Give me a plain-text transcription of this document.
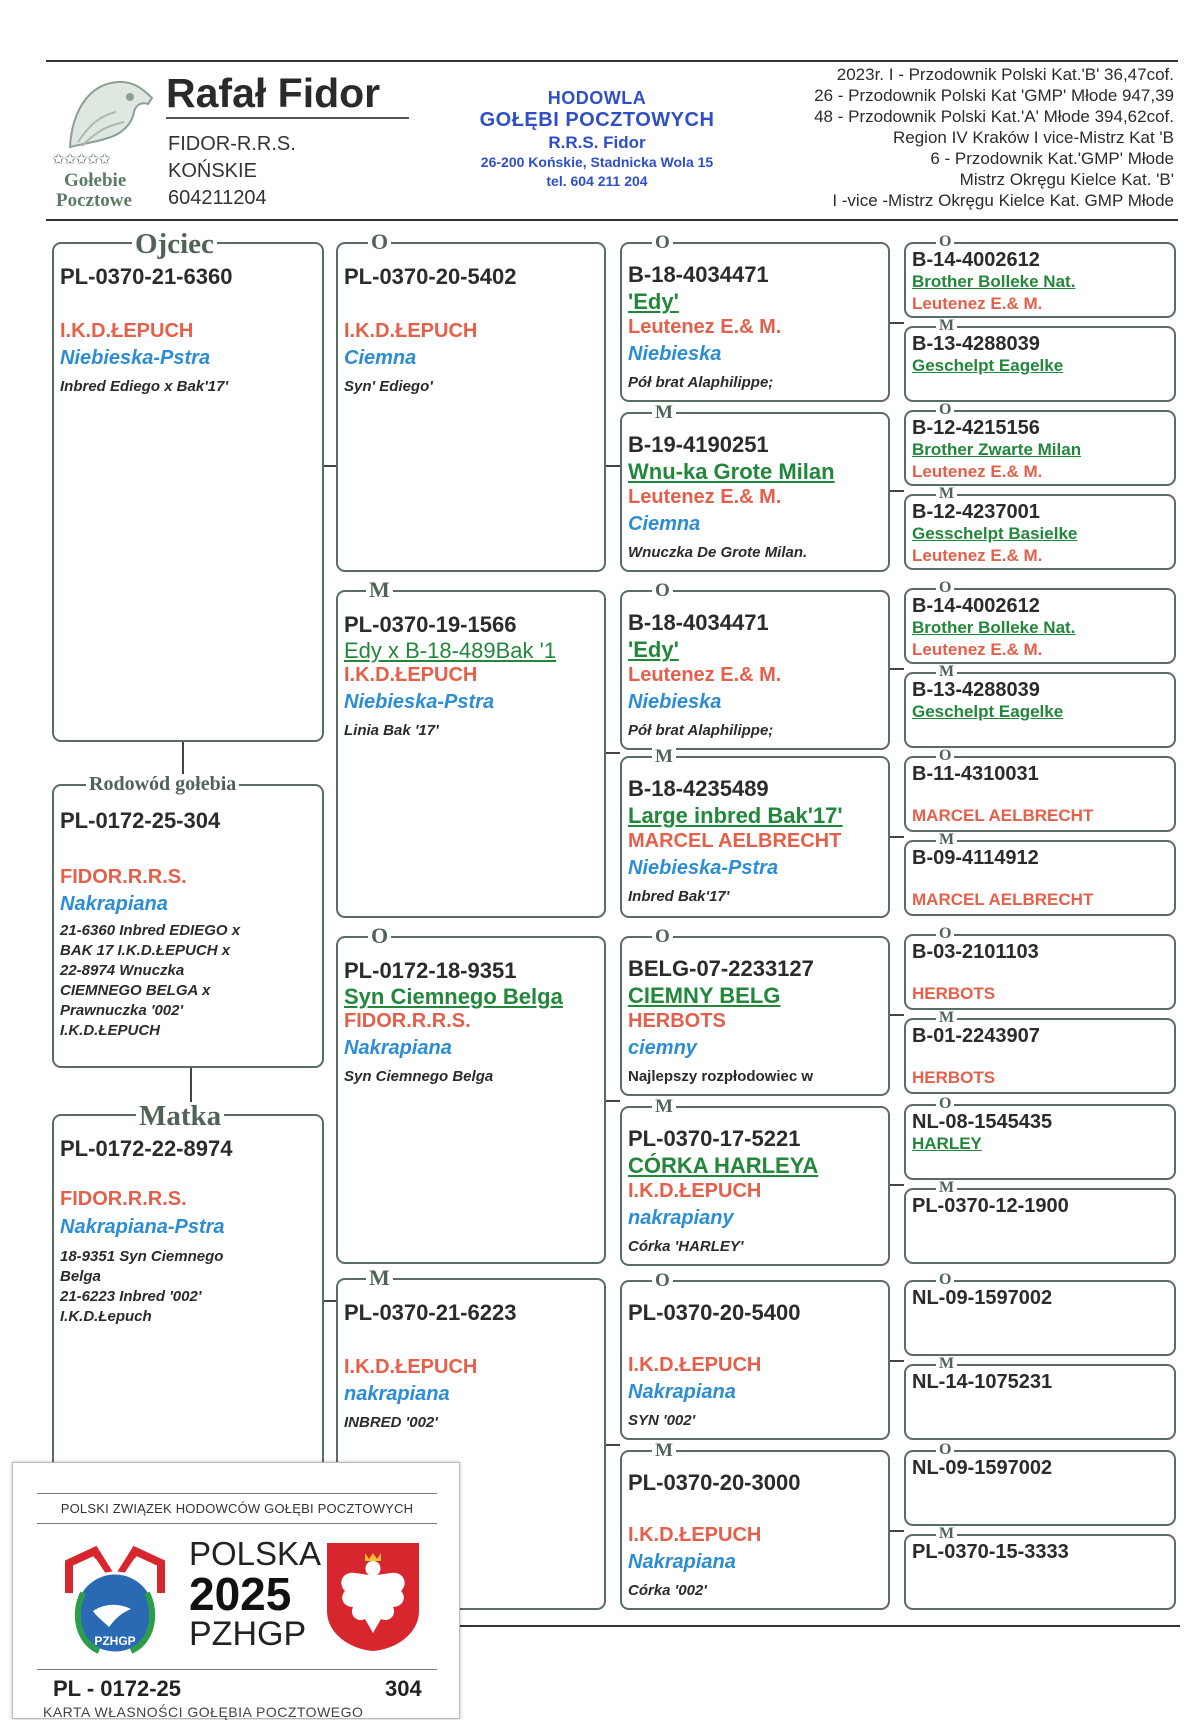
✩✩✩✩✩
Gołebie
Pocztowe
Rafał Fidor
FIDOR-R.R.S.
KOŃSKIE
604211204
HODOWLA
GOŁĘBI POCZTOWYCH
R.R.S. Fidor
26-200 Końskie, Stadnicka Wola 15
tel. 604 211 204
2023r. I - Przodownik Polski Kat.'B' 36,47cof.
26 - Przodownik Polski Kat 'GMP' Młode 947,39
48 - Przodownik Polski Kat.'A' Młode 394,62cof.
Region IV Kraków I vice-Mistrz Kat 'B
6 - Przodownik Kat.'GMP' Młode
Mistrz Okręgu Kielce Kat. 'B'
I -vice -Mistrz Okręgu Kielce Kat. GMP Młode
Ojciec
PL-0370-21-6360
I.K.D.ŁEPUCH
Niebieska-Pstra
Inbred Ediego x Bak'17'
Rodowód gołebia
PL-0172-25-304
FIDOR.R.R.S.
Nakrapiana
21-6360 Inbred EDIEGO x
BAK 17 I.K.D.ŁEPUCH x
22-8974 Wnuczka
CIEMNEGO BELGA x
Prawnuczka '002'
I.K.D.ŁEPUCH
Matka
PL-0172-22-8974
FIDOR.R.R.S.
Nakrapiana-Pstra
18-9351 Syn Ciemnego
Belga
21-6223 Inbred '002'
I.K.D.Łepuch
O
PL-0370-20-5402
I.K.D.ŁEPUCH
Ciemna
Syn' Ediego'
M
PL-0370-19-1566
Edy x B-18-489Bak '1
I.K.D.ŁEPUCH
Niebieska-Pstra
Linia Bak '17'
O
PL-0172-18-9351
Syn Ciemnego Belga
FIDOR.R.R.S.
Nakrapiana
Syn Ciemnego Belga
M
PL-0370-21-6223
I.K.D.ŁEPUCH
nakrapiana
INBRED '002'
O
B-18-4034471
'Edy'
Leutenez E.& M.
Niebieska
Pół brat Alaphilippe;
M
B-19-4190251
Wnu-ka Grote Milan
Leutenez E.& M.
Ciemna
Wnuczka De Grote Milan.
O
B-18-4034471
'Edy'
Leutenez E.& M.
Niebieska
Pół brat Alaphilippe;
M
B-18-4235489
Large inbred Bak'17'
MARCEL AELBRECHT
Niebieska-Pstra
Inbred Bak'17'
O
BELG-07-2233127
CIEMNY BELG
HERBOTS
ciemny
Najlepszy rozpłodowiec w
M
PL-0370-17-5221
CÓRKA HARLEYA
I.K.D.ŁEPUCH
nakrapiany
Córka 'HARLEY'
O
PL-0370-20-5400
I.K.D.ŁEPUCH
Nakrapiana
SYN '002'
M
PL-0370-20-3000
I.K.D.ŁEPUCH
Nakrapiana
Córka '002'
O
B-14-4002612
Brother Bolleke Nat.
Leutenez E.& M.
M
B-13-4288039
Geschelpt Eagelke
O
B-12-4215156
Brother Zwarte Milan
Leutenez E.& M.
M
B-12-4237001
Gesschelpt Basielke
Leutenez E.& M.
O
B-14-4002612
Brother Bolleke Nat.
Leutenez E.& M.
M
B-13-4288039
Geschelpt Eagelke
O
B-11-4310031
MARCEL AELBRECHT
M
B-09-4114912
MARCEL AELBRECHT
O
B-03-2101103
HERBOTS
M
B-01-2243907
HERBOTS
O
NL-08-1545435
HARLEY
M
PL-0370-12-1900
O
NL-09-1597002
M
NL-14-1075231
O
NL-09-1597002
M
PL-0370-15-3333
POLSKI ZWIĄZEK HODOWCÓW GOŁĘBI POCZTOWYCH
PZHGP
POLSKA
2025
PZHGP
PL - 0172-25	304
KARTA WŁASNOŚCI GOŁĘBIA POCZTOWEGO
